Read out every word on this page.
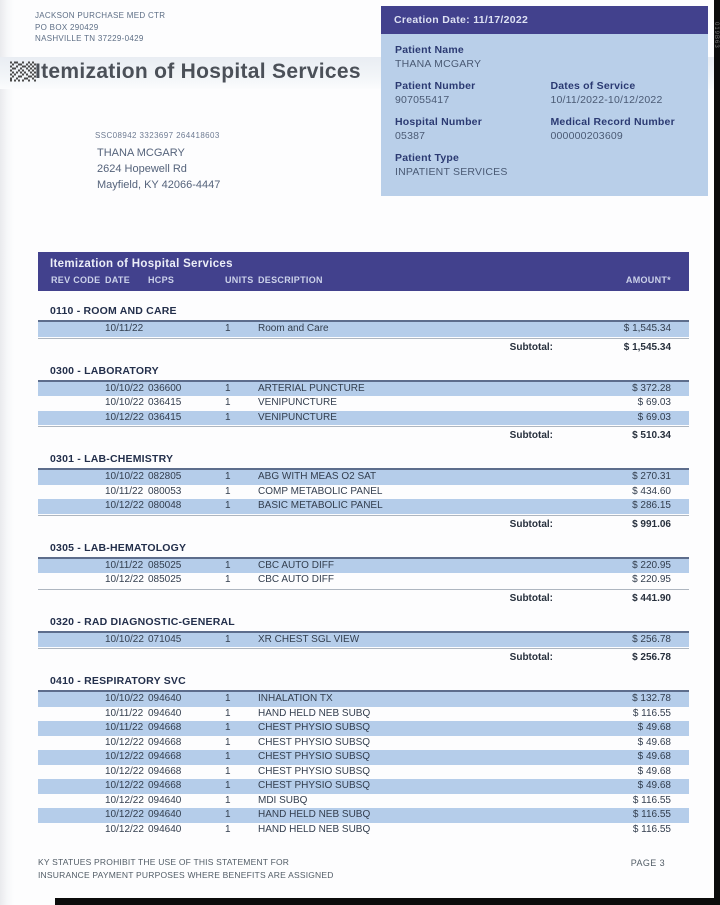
JACKSON PURCHASE MED CTR
PO BOX 290429
NASHVILLE TN 37229-0429
Itemization of Hospital Services
SSC08942 3323697 264418603
THANA MCGARY
2624 Hopewell Rd
Mayfield, KY 42066-4447
Creation Date: 11/17/2022
Patient Name
THANA MCGARY
Patient Number
907055417
Dates of Service
10/11/2022-10/12/2022
Hospital Number
05387
Medical Record Number
000000203609
Patient Type
INPATIENT SERVICES
019B63
Itemization of Hospital Services
REV CODE DATE	HCPS	UNITS DESCRIPTION	AMOUNT*
0110 - ROOM AND CARE
10/11/22	1	Room and Care	$ 1,545.34
Subtotal:	$ 1,545.34
0300 - LABORATORY
10/10/22 036600	1	ARTERIAL PUNCTURE	$ 372.28
10/10/22 036415	1	VENIPUNCTURE	$ 69.03
10/12/22 036415	1	VENIPUNCTURE	$ 69.03
Subtotal:	$ 510.34
0301 - LAB-CHEMISTRY
10/10/22 082805	1	ABG WITH MEAS O2 SAT	$ 270.31
10/11/22 080053	1	COMP METABOLIC PANEL	$ 434.60
10/12/22 080048	1	BASIC METABOLIC PANEL	$ 286.15
Subtotal:	$ 991.06
0305 - LAB-HEMATOLOGY
10/11/22 085025	1	CBC AUTO DIFF	$ 220.95
10/12/22 085025	1	CBC AUTO DIFF	$ 220.95
Subtotal:	$ 441.90
0320 - RAD DIAGNOSTIC-GENERAL
10/10/22 071045	1	XR CHEST SGL VIEW	$ 256.78
Subtotal:	$ 256.78
0410 - RESPIRATORY SVC
10/10/22 094640	1	INHALATION TX	$ 132.78
10/11/22 094640	1	HAND HELD NEB SUBQ	$ 116.55
10/11/22 094668	1	CHEST PHYSIO SUBSQ	$ 49.68
10/12/22 094668	1	CHEST PHYSIO SUBSQ	$ 49.68
10/12/22 094668	1	CHEST PHYSIO SUBSQ	$ 49.68
10/12/22 094668	1	CHEST PHYSIO SUBSQ	$ 49.68
10/12/22 094668	1	CHEST PHYSIO SUBSQ	$ 49.68
10/12/22 094640	1	MDI SUBQ	$ 116.55
10/12/22 094640	1	HAND HELD NEB SUBQ	$ 116.55
10/12/22 094640	1	HAND HELD NEB SUBQ	$ 116.55
KY STATUES PROHIBIT THE USE OF THIS STATEMENT FOR
INSURANCE PAYMENT PURPOSES WHERE BENEFITS ARE ASSIGNED
PAGE 3
